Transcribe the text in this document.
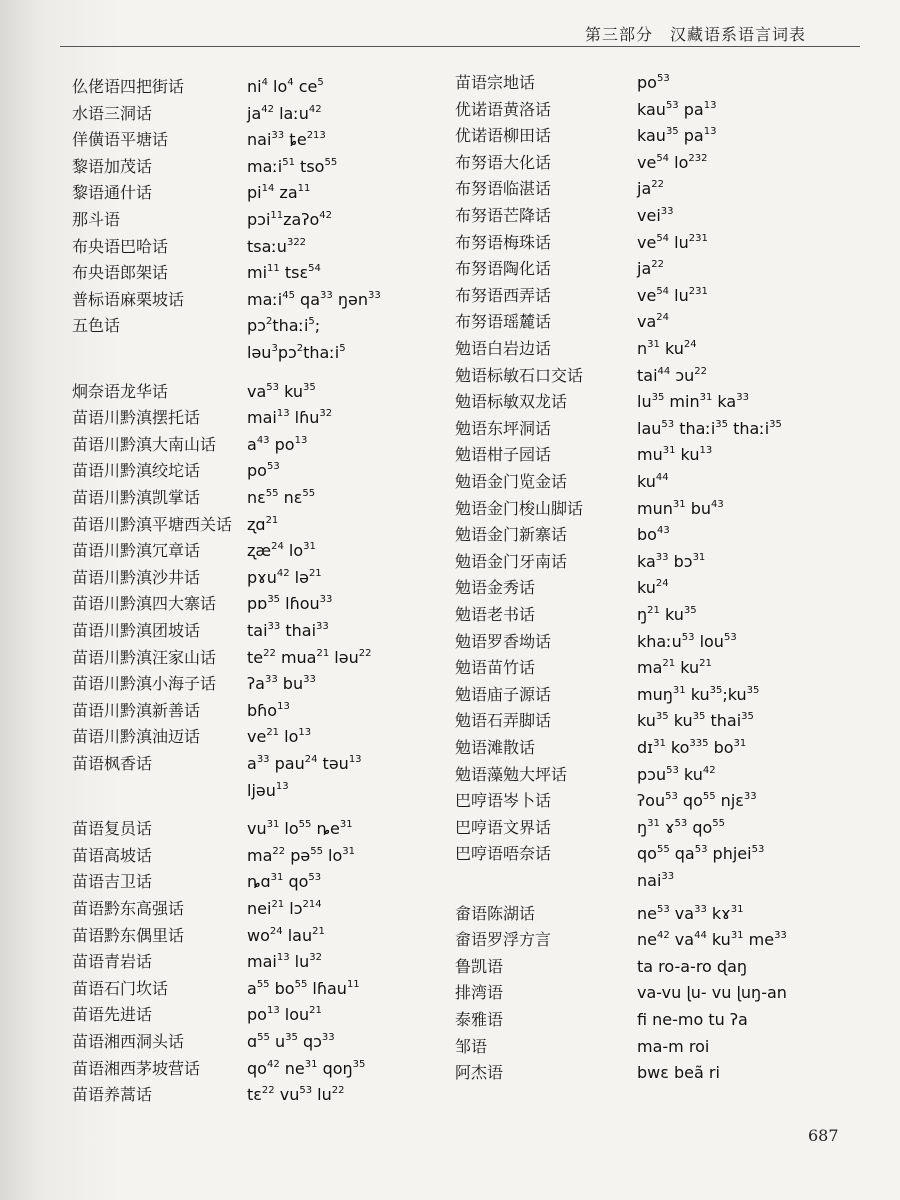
第三部分　汉藏语系语言词表
仫佬语四把街话	$ni^4$ $lo^4$ $ce^5$
水语三洞话	$ja^{42}$ laːu$^{42}$
佯僙语平塘话	nai$^{33}$ $ȶe^{213}$
黎语加茂话	maːi$^{51}$ tso$^{55}$
黎语通什话	$pi^{14}$ $za^{11}$
那斗语	pɔi$^{11}$zaʔo$^{42}$
布央语巴哈话	tsaːu$^{322}$
布央语郎架话	$mi^{11}$ tsɛ$^{54}$
普标语麻栗坡话	maːi$^{45}$ $qa^{33}$ ŋən$^{33}$
五色话	pɔ$^2$thaːi$^5$;
ləu$^3$pɔ$^2$thaːi$^5$
炯奈语龙华话	$va^{53}$ $ku^{35}$
苗语川黔滇摆托话	mai$^{13}$ lɦu$^{32}$
苗语川黔滇大南山话 $a^{43}$ $po^{13}$
苗语川黔滇绞坨话	$po^{53}$
苗语川黔滇凯掌话	nɛ$^{55}$ nɛ$^{55}$
苗语川黔滇平塘西关话 ʐɑ$^{21}$
苗语川黔滇冗章话	ʐæ$^{24}$ $lo^{31}$
苗语川黔滇沙井话	pɤu$^{42}$ lə$^{21}$
苗语川黔滇四大寨话 pɒ$^{35}$ lɦou$^{33}$
苗语川黔滇团坡话	tai$^{33}$ thai$^{33}$
苗语川黔滇汪家山话 $te^{22}$ mua$^{21}$ ləu$^{22}$
苗语川黔滇小海子话 ʔa$^{33}$ $bu^{33}$
苗语川黔滇新善话	bɦo$^{13}$
苗语川黔滇油迈话	$ve^{21}$ $lo^{13}$
苗语枫香话	$a^{33}$ pau$^{24}$ təu$^{13}$
ljəu$^{13}$
苗语复员话	$vu^{31}$ $lo^{55}$ $ȵe^{31}$
苗语高坡话	$ma^{22}$ pə$^{55}$ $lo^{31}$
苗语吉卫话	ȵɑ$^{31}$ $qo^{53}$
苗语黔东高强话	nei$^{21}$ lɔ$^{214}$
苗语黔东偶里话	$wo^{24}$ lau$^{21}$
苗语青岩话	mai$^{13}$ $lu^{32}$
苗语石门坎话	$a^{55}$ $bo^{55}$ lɦau$^{11}$
苗语先进话	$po^{13}$ lou$^{21}$
苗语湘西洞头话	ɑ$^{55}$ $u^{35}$ qɔ$^{33}$
苗语湘西茅坡营话	$qo^{42}$ $ne^{31}$ qoŋ$^{35}$
苗语养蒿话	tɛ$^{22}$ $vu^{53}$ $lu^{22}$
苗语宗地话	$po^{53}$
优诺语黄洛话	kau$^{53}$ $pa^{13}$
优诺语柳田话	kau$^{35}$ $pa^{13}$
布努语大化话	$ve^{54}$ $lo^{232}$
布努语临湛话	$ja^{22}$
布努语芒降话	vei$^{33}$
布努语梅珠话	$ve^{54}$ $lu^{231}$
布努语陶化话	$ja^{22}$
布努语西弄话	$ve^{54}$ $lu^{231}$
布努语瑶麓话	$va^{24}$
勉语白岩边话	$n^{31}$ $ku^{24}$
勉语标敏石口交话	tai$^{44}$ ɔu$^{22}$
勉语标敏双龙话	$lu^{35}$ $\min^{31} ka^{33}$
勉语东坪洞话	lau$^{53}$ thaːi$^{35}$ thaːi$^{35}$
勉语柑子园话	$mu^{31}$ $ku^{13}$
勉语金门览金话	$ku^{44}$
勉语金门梭山脚话	mun$^{31}$ $bu^{43}$
勉语金门新寨话	$bo^{43}$
勉语金门牙南话	$ka^{33}$ bɔ$^{31}$
勉语金秀话	$ku^{24}$
勉语老书话	$ŋ^{21}$ $ku^{35}$
勉语罗香坳话	khaːu$^{53}$ lou$^{53}$
勉语苗竹话	$ma^{21}$ $ku^{21}$
勉语庙子源话	muŋ$^{31}$ $ku^{35};ku^{35}$
勉语石弄脚话	$ku^{35}$ $ku^{35}$ thai$^{35}$
勉语滩散话	dɪ$^{31}$ $ko^{335}$ $bo^{31}$
勉语藻勉大坪话	pɔu$^{53}$ $ku^{42}$
巴哼语岑卜话	ʔou$^{53}$ $qo^{55}$ njɛ$^{33}$
巴哼语文界话	$ŋ^{31}$ ɤ$^{53}$ $qo^{55}$
巴哼语唔奈话	$qo^{55}$ $qa^{53}$ phjei$^{53}$
nai$^{33}$
畲语陈湖话	$ne^{53}$ $va^{33}$ kɤ$^{31}$
畲语罗浮方言	$ne^{42}$ $va^{44}$ $ku^{31}$ $me^{33}$
鲁凯语	ta ro-a-ro ɖaŋ
排湾语	va-vu ɭu- vu ɭuŋ-an
泰雅语	fi ne-mo tu ʔa
邹语	ma-m roi
阿杰语	bwɛ beã ri
687
